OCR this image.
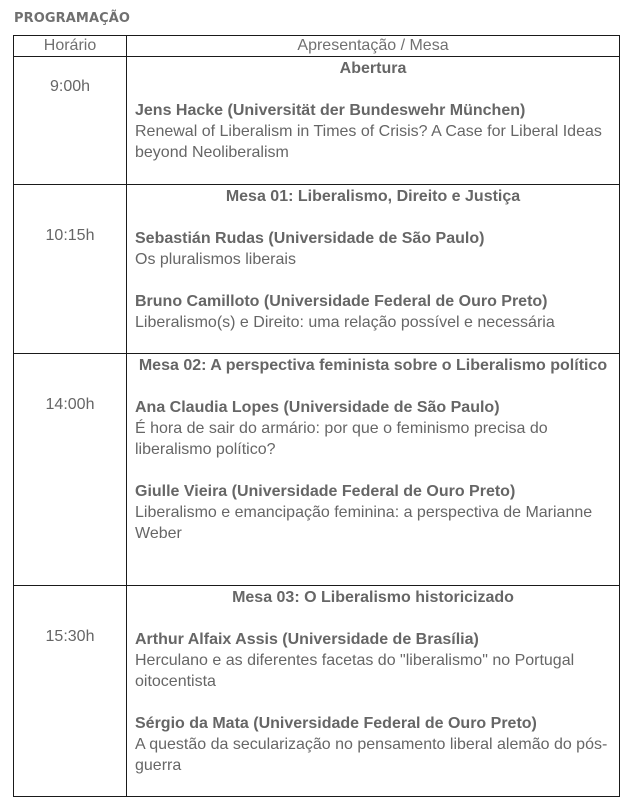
PROGRAMAÇÃO
Horário	Apresentação / Mesa

9:00h	Abertura
Jens Hacke (Universität der Bundeswehr München)
Renewal of Liberalism in Times of Crisis? A Case for Liberal Ideas beyond Neoliberalism

10:15h	Mesa 01: Liberalismo, Direito e Justiça
Sebastián Rudas (Universidade de São Paulo)
Os pluralismos liberais
Bruno Camilloto (Universidade Federal de Ouro Preto)
Liberalismo(s) e Direito: uma relação possível e necessária

14:00h	Mesa 02: A perspectiva feminista sobre o Liberalismo político
Ana Claudia Lopes (Universidade de São Paulo)
É hora de sair do armário: por que o feminismo precisa do liberalismo político?
Giulle Vieira (Universidade Federal de Ouro Preto)
Liberalismo e emancipação feminina: a perspectiva de Marianne Weber

15:30h	Mesa 03: O Liberalismo historicizado
Arthur Alfaix Assis (Universidade de Brasília)
Herculano e as diferentes facetas do "liberalismo" no Portugal oitocentista
Sérgio da Mata (Universidade Federal de Ouro Preto)
A questão da secularização no pensamento liberal alemão do pós-guerra
